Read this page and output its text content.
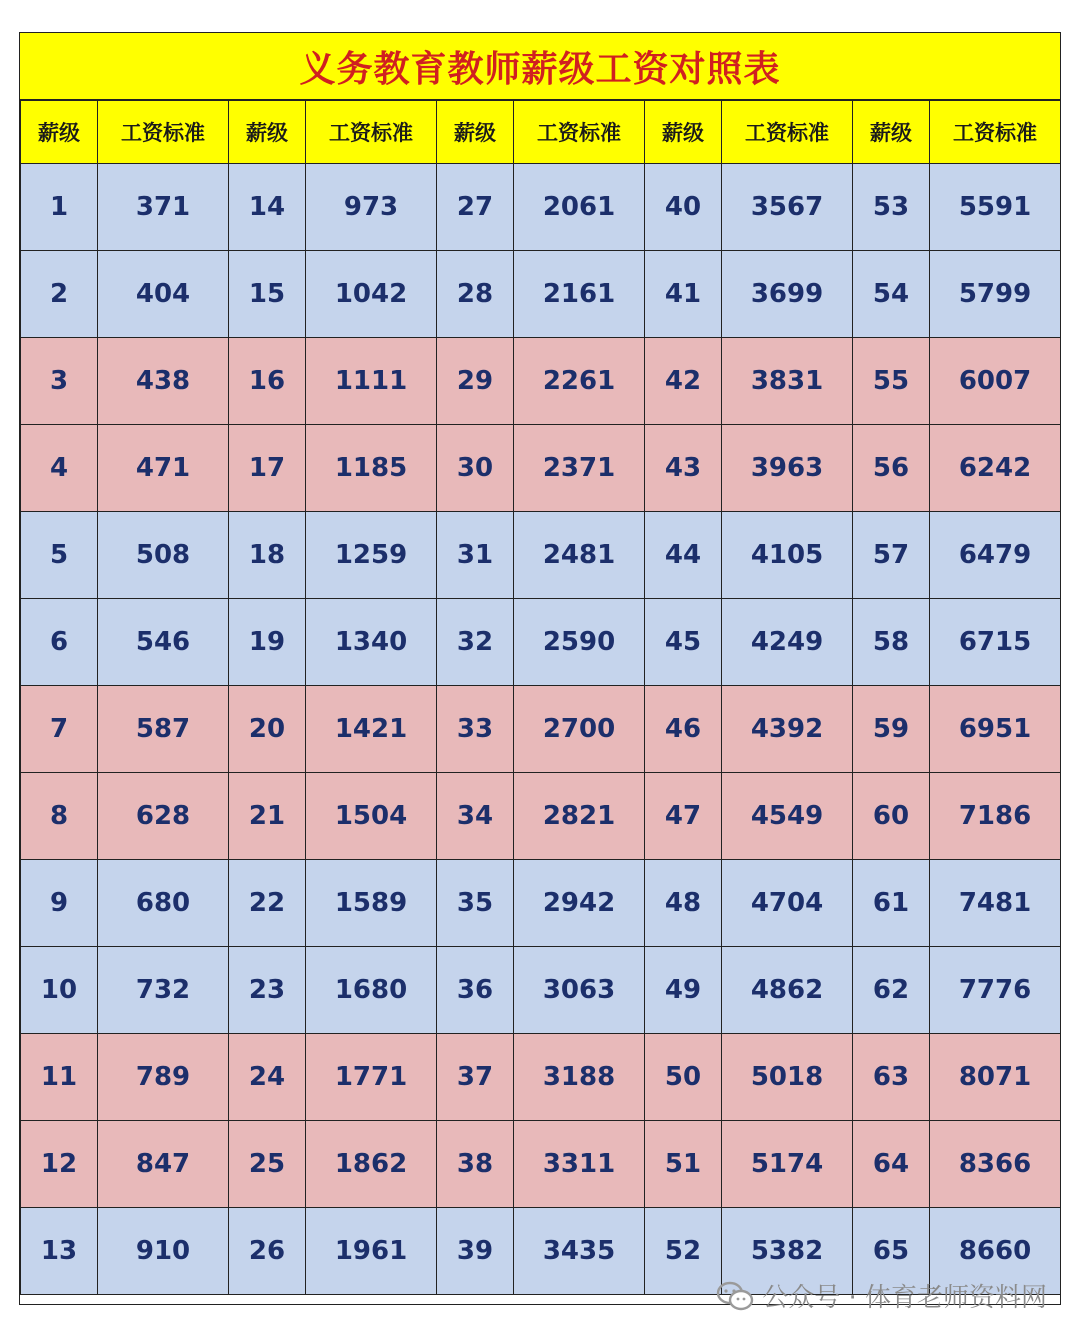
义务教育教师薪级工资对照表
薪级	工资标准	薪级	工资标准	薪级	工资标准	薪级	工资标准	薪级	工资标准
1	371	14	973	27	2061	40	3567	53	5591
2	404	15	1042	28	2161	41	3699	54	5799
3	438	16	1111	29	2261	42	3831	55	6007
4	471	17	1185	30	2371	43	3963	56	6242
5	508	18	1259	31	2481	44	4105	57	6479
6	546	19	1340	32	2590	45	4249	58	6715
7	587	20	1421	33	2700	46	4392	59	6951
8	628	21	1504	34	2821	47	4549	60	7186
9	680	22	1589	35	2942	48	4704	61	7481
10	732	23	1680	36	3063	49	4862	62	7776
11	789	24	1771	37	3188	50	5018	63	8071
12	847	25	1862	38	3311	51	5174	64	8366
13	910	26	1961	39	3435	52	5382	65	8660
公众号 · 体育老师资料网
